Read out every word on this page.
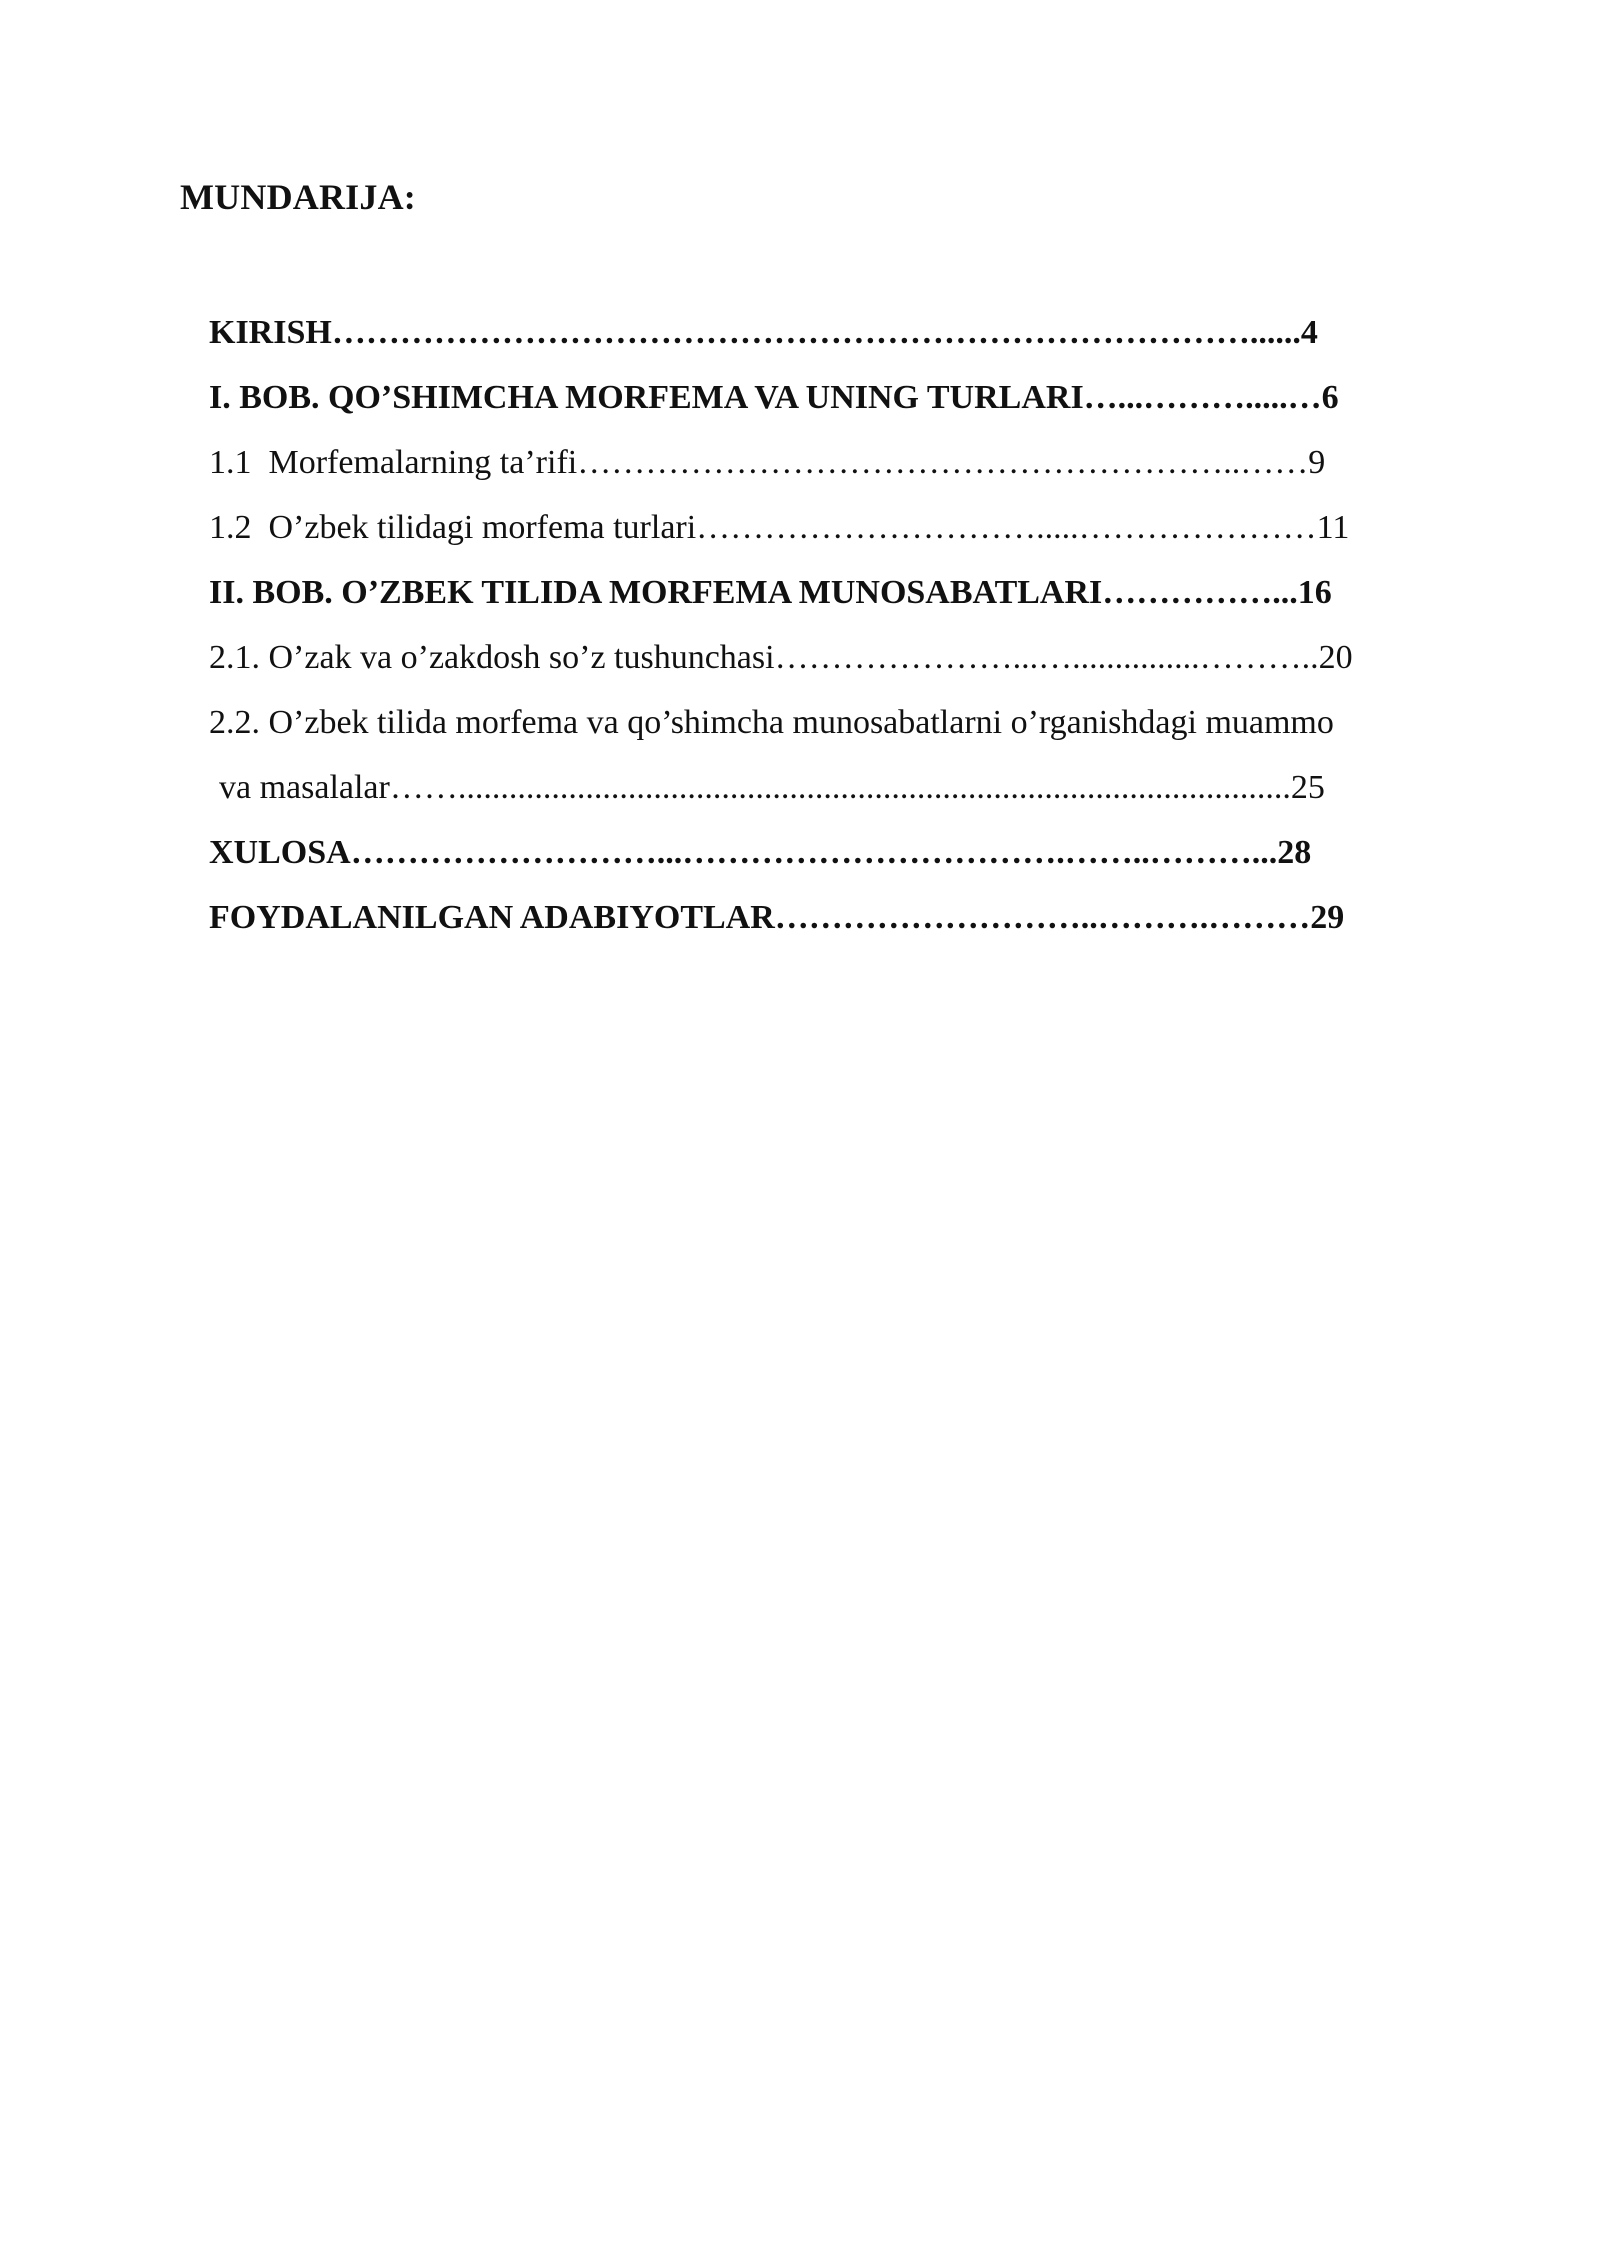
MUNDARIJA:
KIRISH………………………………………………………………………......4
I. BOB. QO’SHIMCHA MORFEMA VA UNING TURLARI…...……….....…6
1.1  Morfemalarning ta’rifi…………………………………………………..……9
1.2  O’zbek tilidagi morfema turlari………………………….....…………………11
II. BOB. O’ZBEK TILIDA MORFEMA MUNOSABATLARI……………...16
2.1. O’zak va o’zakdosh so’z tushunchasi…………………...…...............………..20
2.2. O’zbek tilida morfema va qo’shimcha munosabatlarni o’rganishdagi muammo
va masalalar……..................................................................................................25
XULOSA………………………...…………………………….……..………...28
FOYDALANILGAN ADABIYOTLAR………………………..……….………29
